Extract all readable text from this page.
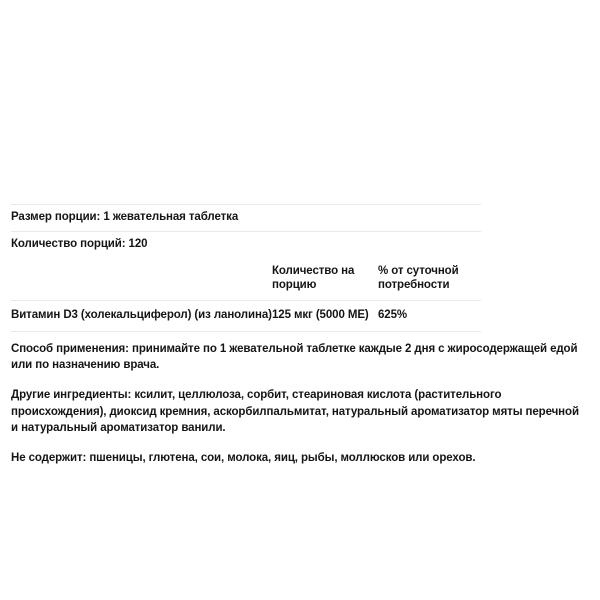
Размер порции: 1 жевательная таблетка
Количество порций: 120
	Количество на порцию	% от суточной потребности
Витамин D3 (холекальциферол) (из ланолина)	125 мкг (5000 МЕ)	625%

Способ применения: принимайте по 1 жевательной таблетке каждые 2 дня с жиросодержащей едой или по назначению врача.

Другие ингредиенты: ксилит, целлюлоза, сорбит, стеариновая кислота (растительного происхождения), диоксид кремния, аскорбилпальмитат, натуральный ароматизатор мяты перечной и натуральный ароматизатор ванили.

Не содержит: пшеницы, глютена, сои, молока, яиц, рыбы, моллюсков или орехов.
